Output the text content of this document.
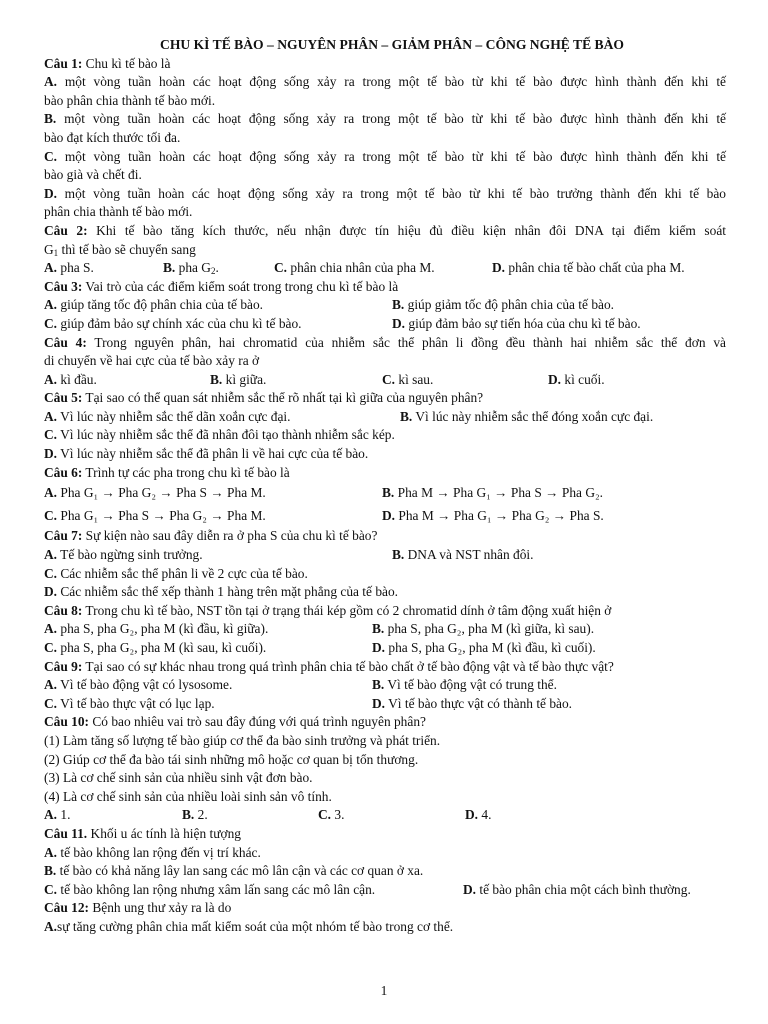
CHU KÌ TẾ BÀO – NGUYÊN PHÂN – GIẢM PHÂN – CÔNG NGHỆ TẾ BÀO
Câu 1: Chu kì tế bào là
A. một vòng tuần hoàn các hoạt động sống xảy ra trong một tế bào từ khi tế bào được hình thành đến khi tế
bào phân chia thành tế bào mới.
B. một vòng tuần hoàn các hoạt động sống xảy ra trong một tế bào từ khi tế bào được hình thành đến khi tế
bào đạt kích thước tối đa.
C. một vòng tuần hoàn các hoạt động sống xảy ra trong một tế bào từ khi tế bào được hình thành đến khi tế
bào già và chết đi.
D. một vòng tuần hoàn các hoạt động sống xảy ra trong một tế bào từ khi tế bào trưởng thành đến khi tế bào
phân chia thành tế bào mới.
Câu 2: Khi tế bào tăng kích thước, nếu nhận được tín hiệu đủ điều kiện nhân đôi DNA tại điểm kiểm soát
$G_1$ thì tế bào sẽ chuyển sang
A. pha S.	B. pha $G_2$.	C. phân chia nhân của pha M.	D. phân chia tế bào chất của pha M.
Câu 3: Vai trò của các điểm kiểm soát trong trong chu kì tế bào là
A. giúp tăng tốc độ phân chia của tế bào.	B. giúp giảm tốc độ phân chia của tế bào.
C. giúp đảm bảo sự chính xác của chu kì tế bào.	D. giúp đảm bảo sự tiến hóa của chu kì tế bào.
Câu 4: Trong nguyên phân, hai chromatid của nhiễm sắc thể phân li đồng đều thành hai nhiễm sắc thể đơn và
di chuyển về hai cực của tế bào xảy ra ở
A. kì đầu.	B. kì giữa.	C. kì sau.	D. kì cuối.
Câu 5: Tại sao có thể quan sát nhiễm sắc thể rõ nhất tại kì giữa của nguyên phân?
A. Vì lúc này nhiễm sắc thể dãn xoắn cực đại.	B. Vì lúc này nhiễm sắc thể đóng xoắn cực đại.
C. Vì lúc này nhiễm sắc thể đã nhân đôi tạo thành nhiễm sắc kép.
D. Vì lúc này nhiễm sắc thể đã phân li về hai cực của tế bào.
Câu 6: Trình tự các pha trong chu kì tế bào là
A. Pha G₁ → Pha G₂ → Pha S → Pha M.	B. Pha M → Pha G₁ → Pha S → Pha G₂.
C. Pha G₁ → Pha S → Pha G₂ → Pha M.	D. Pha M → Pha G₁ → Pha G₂ → Pha S.
Câu 7: Sự kiện nào sau đây diễn ra ở pha S của chu kì tế bào?
A. Tế bào ngừng sinh trưởng.	B. DNA và NST nhân đôi.
C. Các nhiễm sắc thể phân li về 2 cực của tế bào.
D. Các nhiễm sắc thể xếp thành 1 hàng trên mặt phẳng của tế bào.
Câu 8: Trong chu kì tế bào, NST tồn tại ở trạng thái kép gồm có 2 chromatid dính ở tâm động xuất hiện ở
A. pha S, pha G₂, pha M (kì đầu, kì giữa).	B. pha S, pha G₂, pha M (kì giữa, kì sau).
C. pha S, pha G₂, pha M (kì sau, kì cuối).	D. pha S, pha G₂, pha M (kì đầu, kì cuối).
Câu 9: Tại sao có sự khác nhau trong quá trình phân chia tế bào chất ở tế bào động vật và tế bào thực vật?
A. Vì tế bào động vật có lysosome.	B. Vì tế bào động vật có trung thể.
C. Vì tế bào thực vật có lục lạp.	D. Vì tế bào thực vật có thành tế bào.
Câu 10: Có bao nhiêu vai trò sau đây đúng với quá trình nguyên phân?
(1) Làm tăng số lượng tế bào giúp cơ thể đa bào sinh trưởng và phát triển.
(2) Giúp cơ thể đa bào tái sinh những mô hoặc cơ quan bị tổn thương.
(3) Là cơ chế sinh sản của nhiều sinh vật đơn bào.
(4) Là cơ chế sinh sản của nhiều loài sinh sản vô tính.
A. 1.	B. 2.	C. 3.	D. 4.
Câu 11. Khối u ác tính là hiện tượng
A. tế bào không lan rộng đến vị trí khác.
B. tế bào có khả năng lây lan sang các mô lân cận và các cơ quan ở xa.
C. tế bào không lan rộng nhưng xâm lấn sang các mô lân cận.	D. tế bào phân chia một cách bình thường.
Câu 12: Bệnh ung thư xảy ra là do
A.sự tăng cường phân chia mất kiểm soát của một nhóm tế bào trong cơ thể.
1
